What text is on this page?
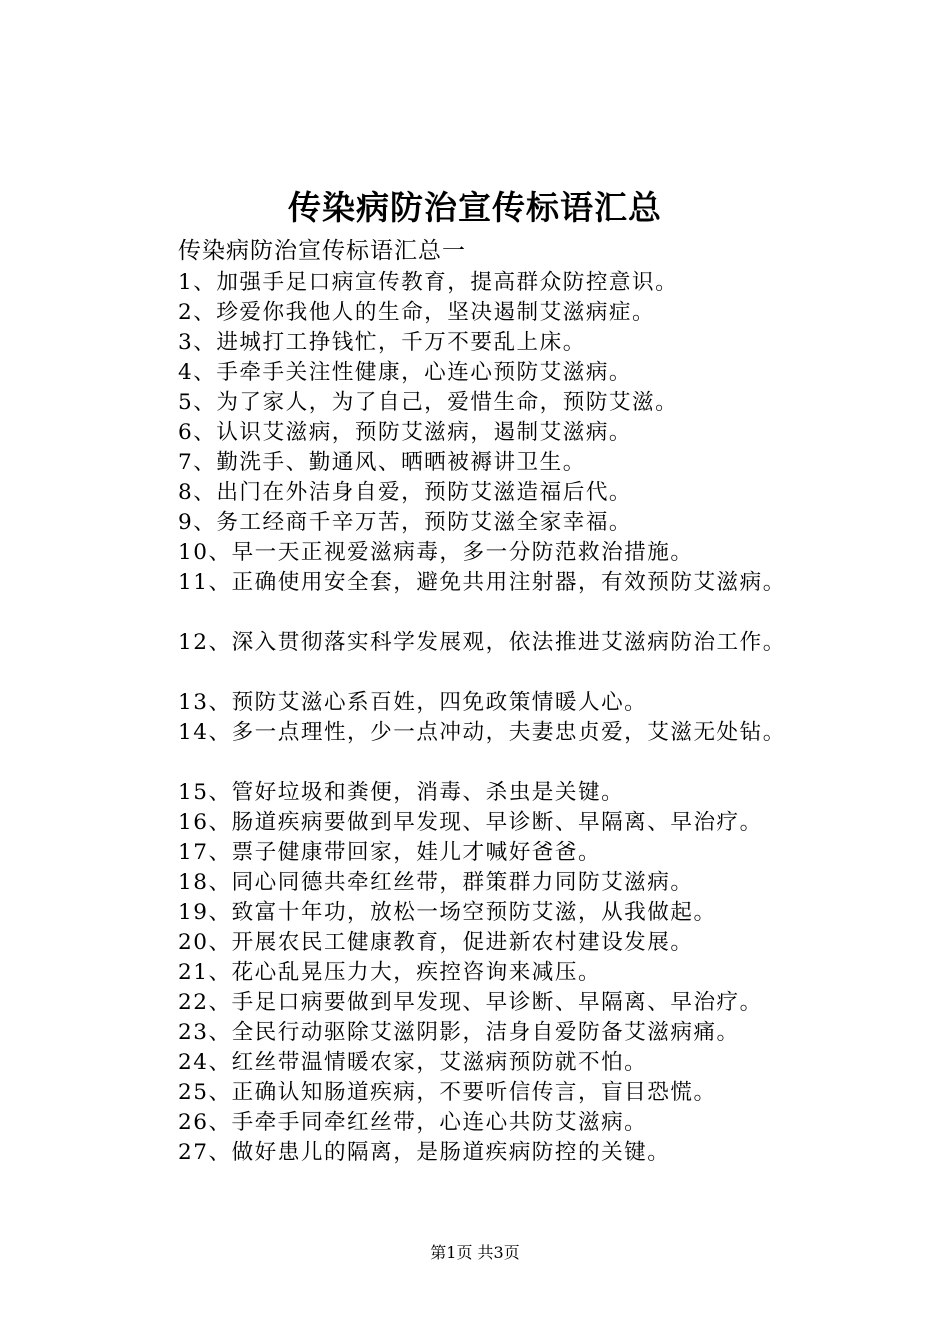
传染病防治宣传标语汇总
传染病防治宣传标语汇总一
1、加强手足口病宣传教育，提高群众防控意识。
2、珍爱你我他人的生命，坚决遏制艾滋病症。
3、进城打工挣钱忙，千万不要乱上床。
4、手牵手关注性健康，心连心预防艾滋病。
5、为了家人，为了自己，爱惜生命，预防艾滋。
6、认识艾滋病，预防艾滋病，遏制艾滋病。
7、勤洗手、勤通风、晒晒被褥讲卫生。
8、出门在外洁身自爱，预防艾滋造福后代。
9、务工经商千辛万苦，预防艾滋全家幸福。
10、早一天正视爱滋病毒，多一分防范救治措施。
11、正确使用安全套，避免共用注射器，有效预防艾滋病。
12、深入贯彻落实科学发展观，依法推进艾滋病防治工作。
13、预防艾滋心系百姓，四免政策情暖人心。
14、多一点理性，少一点冲动，夫妻忠贞爱，艾滋无处钻。
15、管好垃圾和粪便，消毒、杀虫是关键。
16、肠道疾病要做到早发现、早诊断、早隔离、早治疗。
17、票子健康带回家，娃儿才喊好爸爸。
18、同心同德共牵红丝带，群策群力同防艾滋病。
19、致富十年功，放松一场空预防艾滋，从我做起。
20、开展农民工健康教育，促进新农村建设发展。
21、花心乱晃压力大，疾控咨询来减压。
22、手足口病要做到早发现、早诊断、早隔离、早治疗。
23、全民行动驱除艾滋阴影，洁身自爱防备艾滋病痛。
24、红丝带温情暖农家，艾滋病预防就不怕。
25、正确认知肠道疾病，不要听信传言，盲目恐慌。
26、手牵手同牵红丝带，心连心共防艾滋病。
27、做好患儿的隔离，是肠道疾病防控的关键。
第1页 共3页
